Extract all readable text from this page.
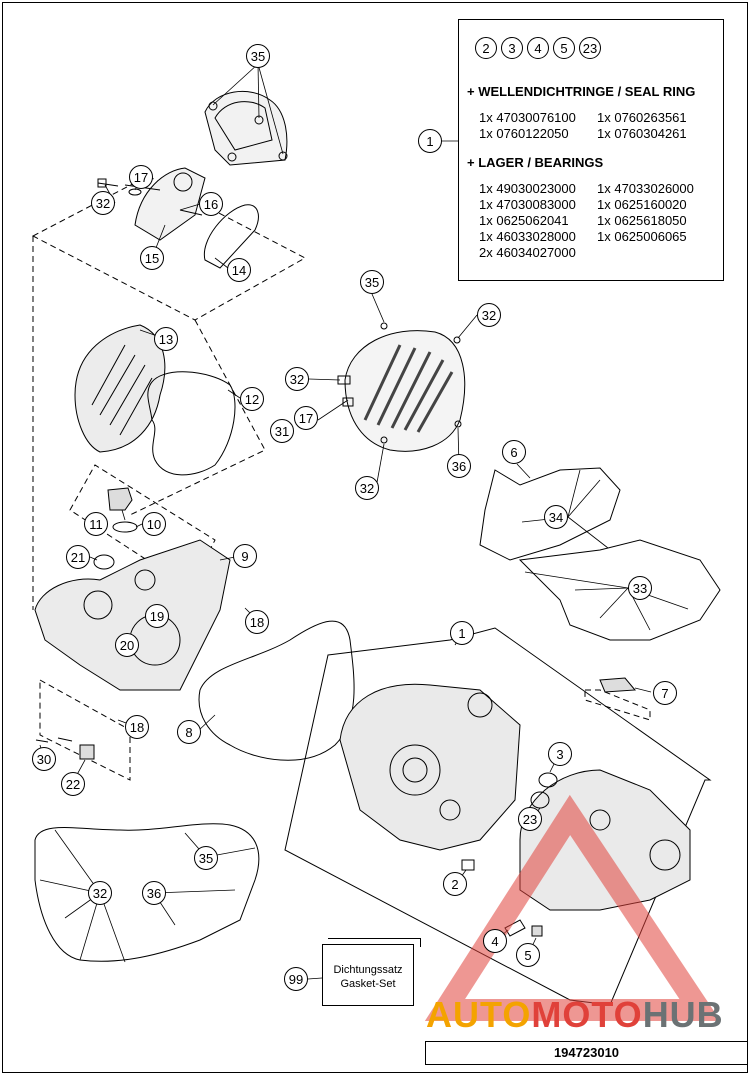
35
17
32	16
15
14
1
13
12
35
32
32
17
31
36
32
11	10
21	9
19
20
18
18
6
34
33
8
30
22
1
7
3
23
2
4
5
35
32	36
99
2	3	4	5	23
+ WELLENDICHTRINGE / SEAL RING
1x 47030076100	1x 0760263561
1x 0760122050	1x 0760304261
+ LAGER / BEARINGS
1x 49030023000	1x 47033026000
1x 47030083000	1x 0625160020
1x 0625062041	1x 0625618050
1x 46033028000	1x 0625006065
2x 46034027000
Dichtungssatz
Gasket-Set
AUTOMOTOHUB
194723010
